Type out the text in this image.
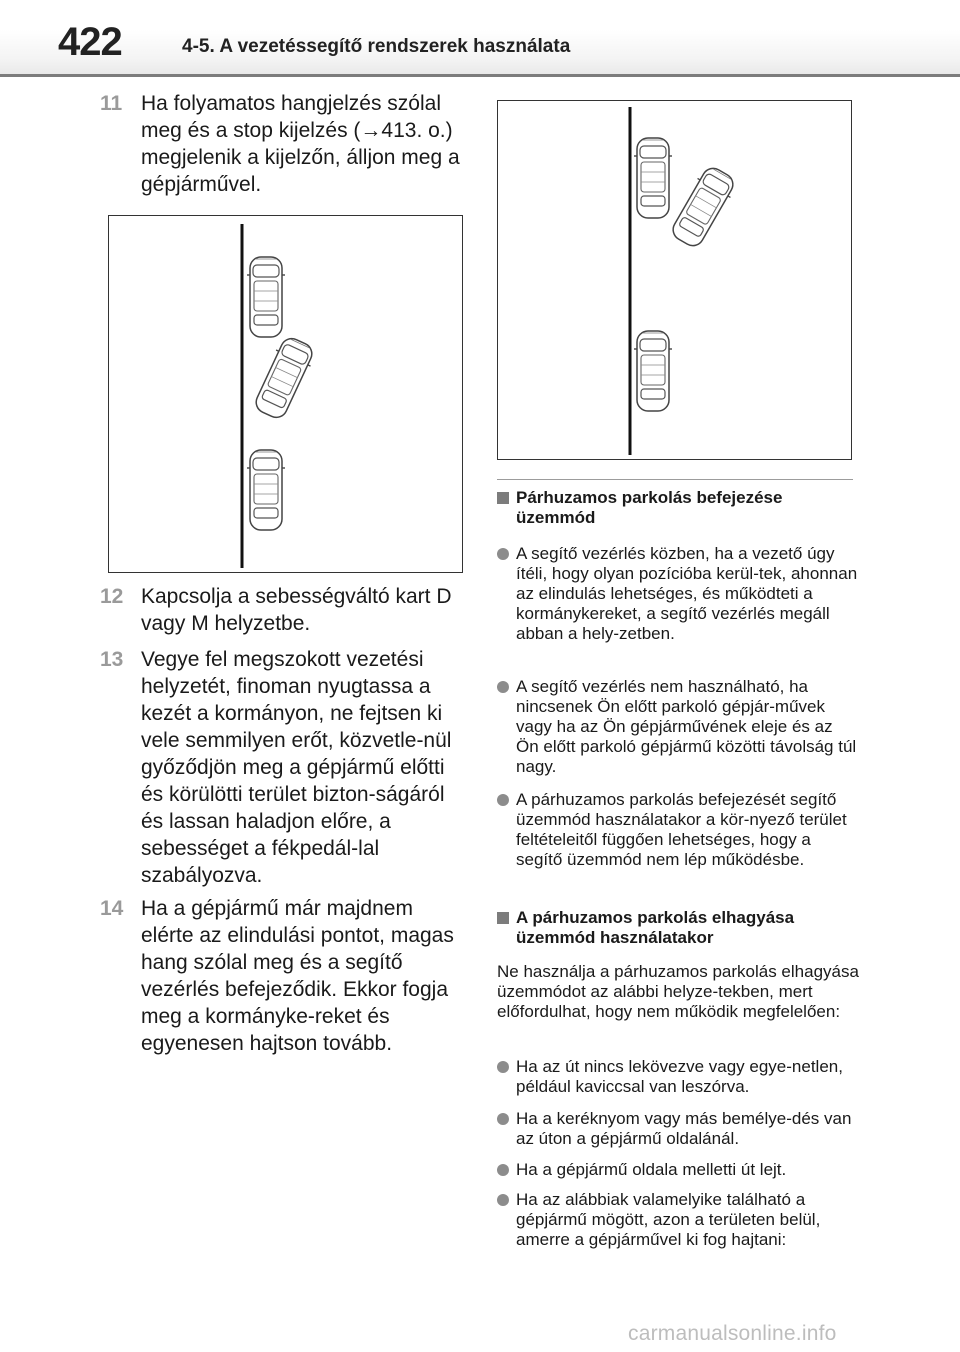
422	4-5. A vezetéssegítő rendszerek használata
11 Ha folyamatos hangjelzés szólal meg és a stop kijelzés (→413. o.) megjelenik a kijelzőn, álljon meg a gépjárművel.
12 Kapcsolja a sebességváltó kart D vagy M helyzetbe.
13 Vegye fel megszokott vezetési helyzetét, finoman nyugtassa a kezét a kormányon, ne fejtsen ki vele semmilyen erőt, közvetle-nül győződjön meg a gépjármű előtti és körülötti terület bizton-ságáról és lassan haladjon előre, a sebességet a fékpedál-lal szabályozva.
14 Ha a gépjármű már majdnem elérte az elindulási pontot, magas hang szólal meg és a segítő vezérlés befejeződik. Ekkor fogja meg a kormányke-reket és egyenesen hajtson tovább.
Párhuzamos parkolás befejezése üzemmód
A segítő vezérlés közben, ha a vezető úgy ítéli, hogy olyan pozícióba kerül-tek, ahonnan az elindulás lehetséges, és működteti a kormánykereket, a segítő vezérlés megáll abban a hely-zetben.
A segítő vezérlés nem használható, ha nincsenek Ön előtt parkoló gépjár-művek vagy ha az Ön gépjárművének eleje és az Ön előtt parkoló gépjármű közötti távolság túl nagy.
A párhuzamos parkolás befejezését segítő üzemmód használatakor a kör-nyező terület feltételeitől függően lehetséges, hogy a segítő üzemmód nem lép működésbe.
A párhuzamos parkolás elhagyása üzemmód használatakor
Ne használja a párhuzamos parkolás elhagyása üzemmódot az alábbi helyze-tekben, mert előfordulhat, hogy nem működik megfelelően:
Ha az út nincs lekövezve vagy egye-netlen, például kaviccsal van leszórva.
Ha a keréknyom vagy más bemélye-dés van az úton a gépjármű oldalánál.
Ha a gépjármű oldala melletti út lejt.
Ha az alábbiak valamelyike található a gépjármű mögött, azon a területen belül, amerre a gépjárművel ki fog hajtani:
carmanualsonline.info
